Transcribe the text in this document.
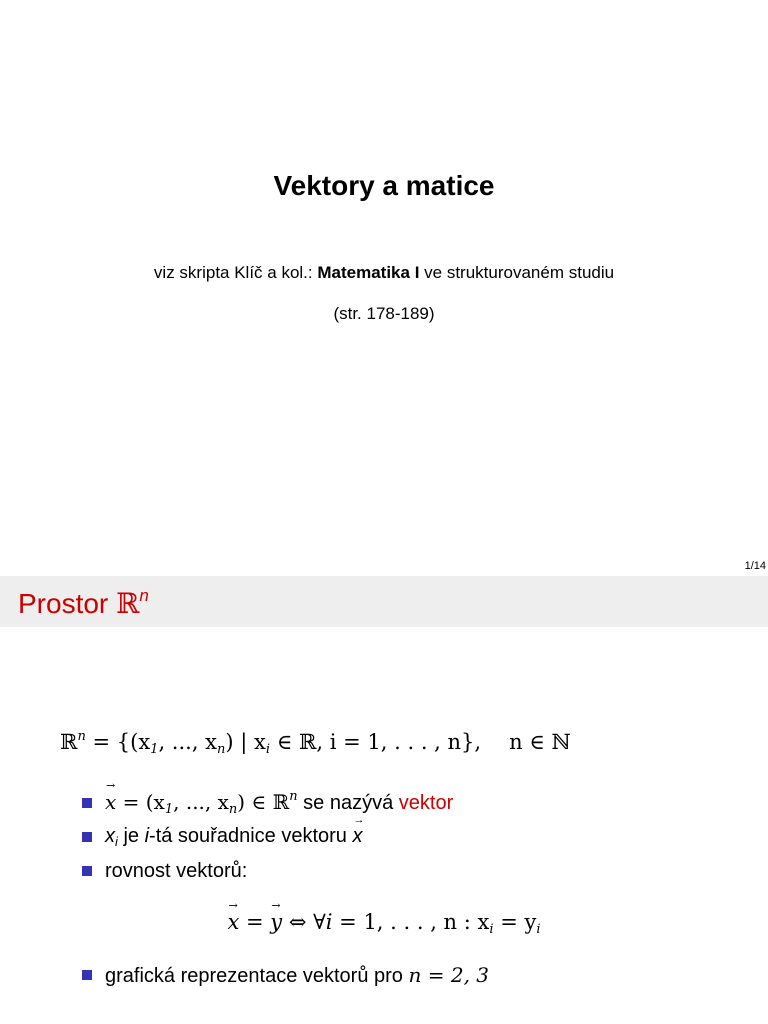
Vektory a matice
viz skripta Klíč a kol.: Matematika I ve strukturovaném studiu
(str. 178-189)
1/14
Prostor ℝ$^n$
ℝ$^n$ = {($x_1$, ..., $x_n$) | $x_i$ ∈ ℝ, i = 1, . . . , n}, n ∈ ℕ
→ $x = (x_1$, ..., $x_n$) ∈ ℝ$^n$ se nazývá vektor
$x_i$ je i-tá souřadnice vektoru → x
rovnost vektorů:
grafická reprezentace vektorů pro n = 2, 3
→ x = → y ⇔ ∀i = 1, . . . , n : $x_i = y_i$
